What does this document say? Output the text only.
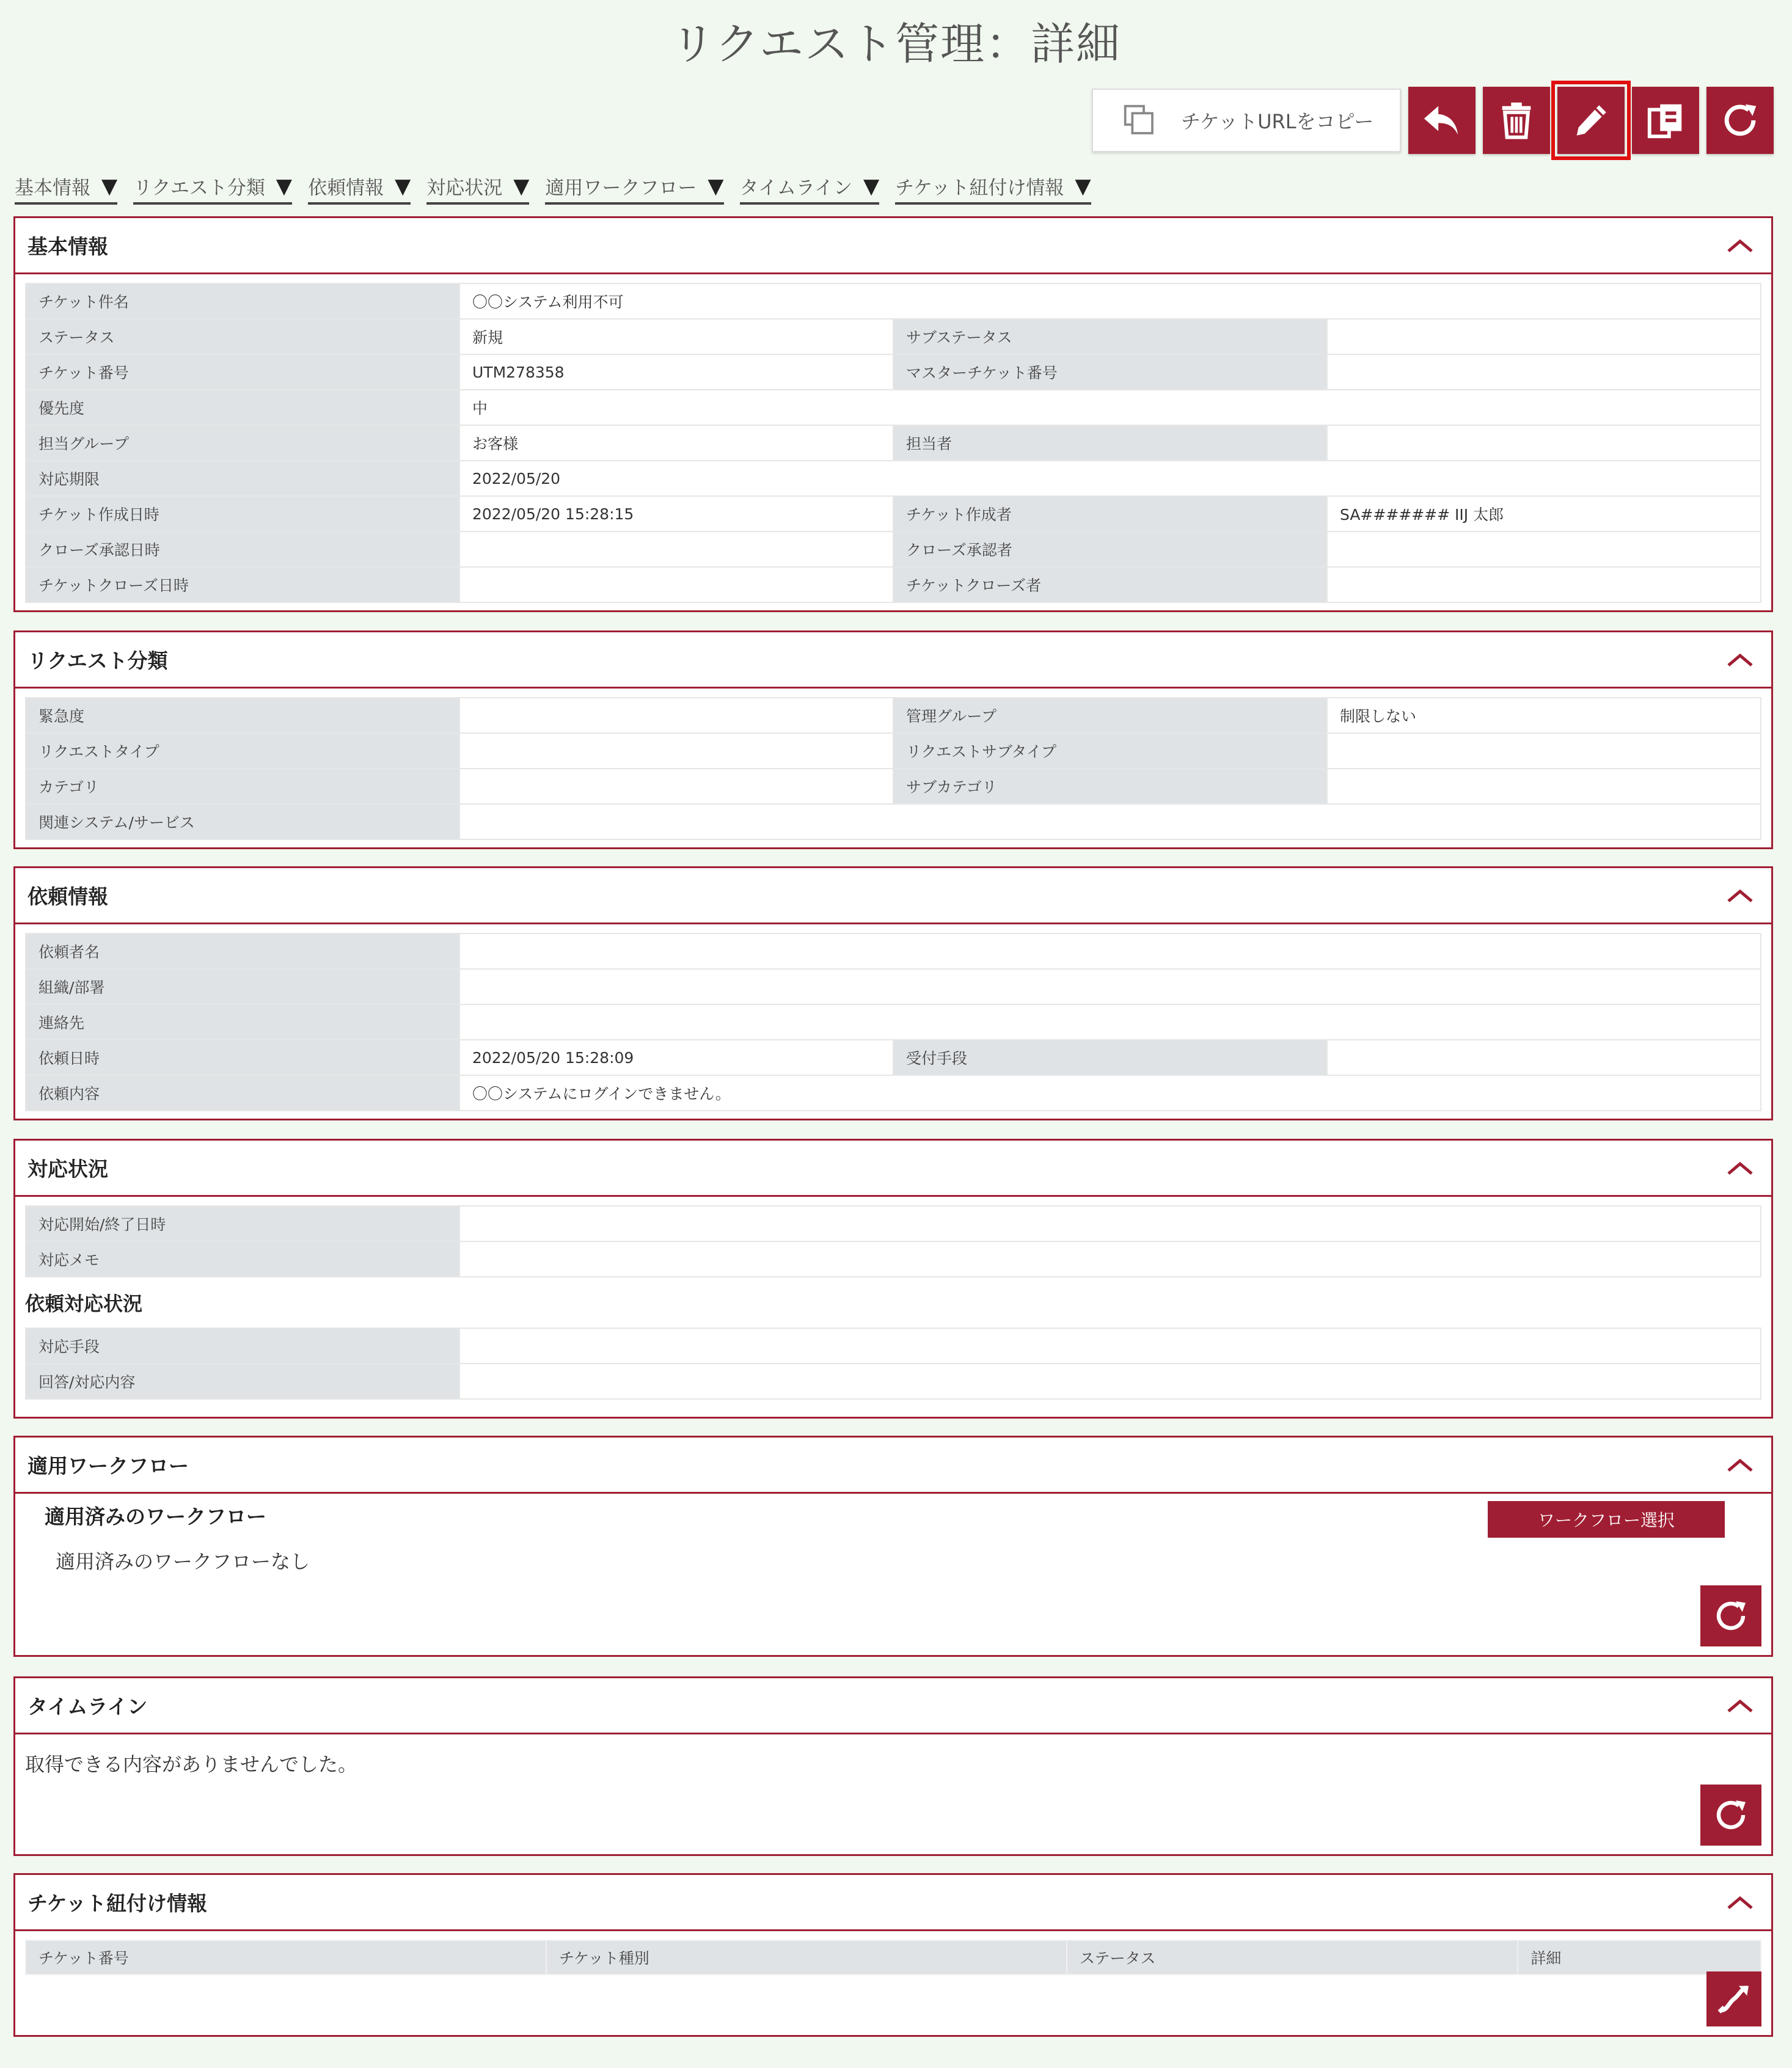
リクエスト管理：詳細
チケットURLをコピー
基本情報 ▼ リクエスト分類 ▼ 依頼情報 ▼ 対応状況 ▼ 適用ワークフロー ▼ タイムライン ▼ チケット紐付け情報 ▼
基本情報
チケット件名	〇〇システム利用不可		
ステータス	新規	サブステータス	
チケット番号	UTM278358	マスターチケット番号	
優先度	中		
担当グループ	お客様	担当者	
対応期限	2022/05/20		
チケット作成日時	2022/05/20 15:28:15	チケット作成者	SA####### IIJ 太郎
クローズ承認日時		クローズ承認者	
チケットクローズ日時		チケットクローズ者	
リクエスト分類
緊急度		管理グループ	制限しない
リクエストタイプ		リクエストサブタイプ	
カテゴリ		サブカテゴリ	
関連システム/サービス			
依頼情報
依頼者名			
組織/部署			
連絡先			
依頼日時	2022/05/20 15:28:09	受付手段	
依頼内容	〇〇システムにログインできません。		
対応状況
対応開始/終了日時	
対応メモ	
依頼対応状況
対応手段	
回答/対応内容	
適用ワークフロー
適用済みのワークフロー
適用済みのワークフローなし
ワークフロー選択
タイムライン
取得できる内容がありませんでした。
チケット紐付け情報
チケット番号	チケット種別	ステータス	詳細
